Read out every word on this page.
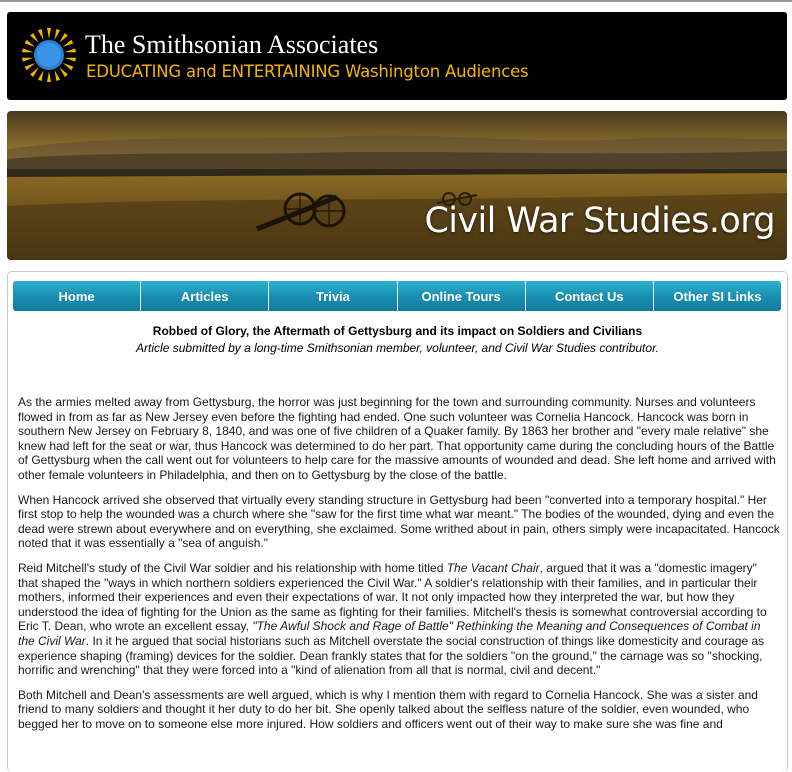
The Smithsonian Associates
EDUCATING and ENTERTAINING Washington Audiences
Civil War Studies.org
Home	Articles	Trivia	Online Tours	Contact Us	Other SI Links
Robbed of Glory, the Aftermath of Gettysburg and its impact on Soldiers and Civilians
Article submitted by a long-time Smithsonian member, volunteer, and Civil War Studies contributor.

As the armies melted away from Gettysburg, the horror was just beginning for the town and surrounding community. Nurses and volunteers flowed in from as far as New Jersey even before the fighting had ended. One such volunteer was Cornelia Hancock. Hancock was born in southern New Jersey on February 8, 1840, and was one of five children of a Quaker family. By 1863 her brother and "every male relative" she knew had left for the seat or war, thus Hancock was determined to do her part. That opportunity came during the concluding hours of the Battle of Gettysburg when the call went out for volunteers to help care for the massive amounts of wounded and dead. She left home and arrived with other female volunteers in Philadelphia, and then on to Gettysburg by the close of the battle.

When Hancock arrived she observed that virtually every standing structure in Gettysburg had been "converted into a temporary hospital." Her first stop to help the wounded was a church where she "saw for the first time what war meant." The bodies of the wounded, dying and even the dead were strewn about everywhere and on everything, she exclaimed. Some writhed about in pain, others simply were incapacitated. Hancock noted that it was essentially a "sea of anguish."

Reid Mitchell's study of the Civil War soldier and his relationship with home titled The Vacant Chair, argued that it was a "domestic imagery" that shaped the "ways in which northern soldiers experienced the Civil War." A soldier's relationship with their families, and in particular their mothers, informed their experiences and even their expectations of war. It not only impacted how they interpreted the war, but how they understood the idea of fighting for the Union as the same as fighting for their families. Mitchell's thesis is somewhat controversial according to Eric T. Dean, who wrote an excellent essay, "The Awful Shock and Rage of Battle" Rethinking the Meaning and Consequences of Combat in the Civil War. In it he argued that social historians such as Mitchell overstate the social construction of things like domesticity and courage as experience shaping (framing) devices for the soldier. Dean frankly states that for the soldiers "on the ground," the carnage was so "shocking, horrific and wrenching" that they were forced into a "kind of alienation from all that is normal, civil and decent."

Both Mitchell and Dean's assessments are well argued, which is why I mention them with regard to Cornelia Hancock. She was a sister and friend to many soldiers and thought it her duty to do her bit. She openly talked about the selfless nature of the soldier, even wounded, who begged her to move on to someone else more injured. How soldiers and officers went out of their way to make sure she was fine and
